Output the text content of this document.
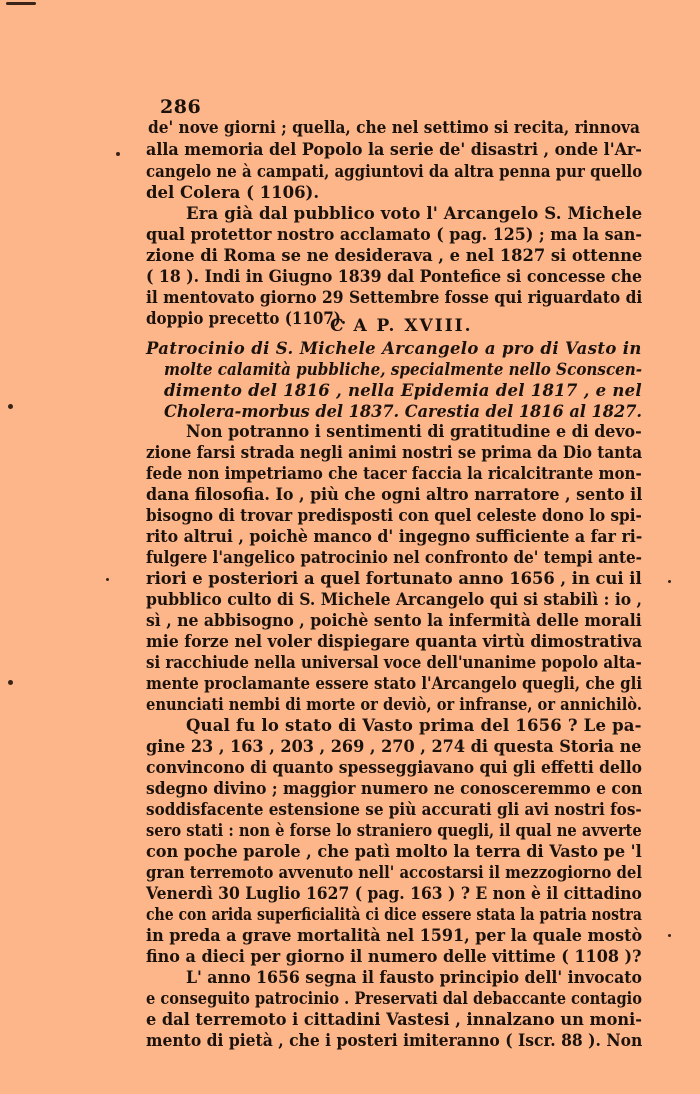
286
de' nove giorni ; quella, che nel settimo si recita, rinnova
alla memoria del Popolo la serie de' disastri , onde l'Ar-
cangelo ne à campati, aggiuntovi da altra penna pur quello
del Colera ( 1106).
Era già dal pubblico voto l' Arcangelo S. Michele
qual protettor nostro acclamato ( pag. 125) ; ma la san-
zione di Roma se ne desiderava , e nel 1827 si ottenne
( 18 ). Indi in Giugno 1839 dal Pontefice si concesse che
il mentovato giorno 29 Settembre fosse qui riguardato di
doppio precetto (1107).
C A P. XVIII.
Patrocinio di S. Michele Arcangelo a pro di Vasto in
molte calamità pubbliche, specialmente nello Sconscen-
dimento del 1816 , nella Epidemia del 1817 , e nel
Cholera-morbus del 1837. Carestia del 1816 al 1827.
Non potranno i sentimenti di gratitudine e di devo-
zione farsi strada negli animi nostri se prima da Dio tanta
fede non impetriamo che tacer faccia la ricalcitrante mon-
dana filosofia. Io , più che ogni altro narratore , sento il
bisogno di trovar predisposti con quel celeste dono lo spi-
rito altrui , poichè manco d' ingegno sufficiente a far ri-
fulgere l'angelico patrocinio nel confronto de' tempi ante-
riori e posteriori a quel fortunato anno 1656 , in cui il
pubblico culto di S. Michele Arcangelo qui si stabilì : io ,
sì , ne abbisogno , poichè sento la infermità delle morali
mie forze nel voler dispiegare quanta virtù dimostrativa
si racchiude nella universal voce dell'unanime popolo alta-
mente proclamante essere stato l'Arcangelo quegli, che gli
enunciati nembi di morte or deviò, or infranse, or annichilò.
Qual fu lo stato di Vasto prima del 1656 ? Le pa-
gine 23 , 163 , 203 , 269 , 270 , 274 di questa Storia ne
convincono di quanto spesseggiavano qui gli effetti dello
sdegno divino ; maggior numero ne conosceremmo e con
soddisfacente estensione se più accurati gli avi nostri fos-
sero stati : non è forse lo straniero quegli, il qual ne avverte
con poche parole , che patì molto la terra di Vasto pe 'l
gran terremoto avvenuto nell' accostarsi il mezzogiorno del
Venerdì 30 Luglio 1627 ( pag. 163 ) ? E non è il cittadino
che con arida superficialità ci dice essere stata la patria nostra
in preda a grave mortalità nel 1591, per la quale mostò
fino a dieci per giorno il numero delle vittime ( 1108 )?
L' anno 1656 segna il fausto principio dell' invocato
e conseguito patrocinio . Preservati dal debaccante contagio
e dal terremoto i cittadini Vastesi , innalzano un moni-
mento di pietà , che i posteri imiteranno ( Iscr. 88 ). Non
